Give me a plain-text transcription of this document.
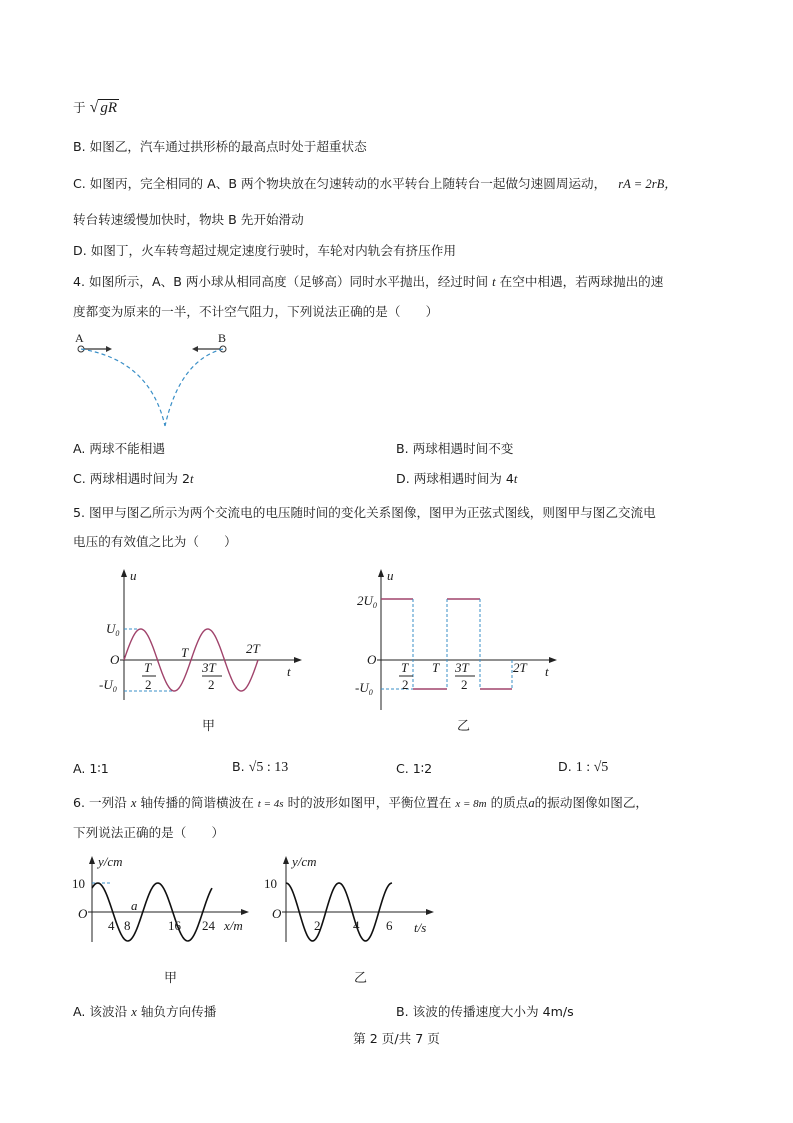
于 √ gR
B. 如图乙，汽车通过拱形桥的最高点时处于超重状态
C. 如图丙，完全相同的 A、B 两个物块放在匀速转动的水平转台上随转台一起做匀速圆周运动， rA = 2rB，
转台转速缓慢加快时，物块 B 先开始滑动
D. 如图丁，火车转弯超过规定速度行驶时，车轮对内轨会有挤压作用
4. 如图所示，A、B 两小球从相同高度（足够高）同时水平抛出，经过时间 t 在空中相遇，若两球抛出的速
度都变为原来的一半，不计空气阻力，下列说法正确的是（　　）
A	B
A. 两球不能相遇	B. 两球相遇时间不变
C. 两球相遇时间为 2t	D. 两球相遇时间为 4t
5. 图甲与图乙所示为两个交流电的电压随时间的变化关系图像，图甲为正弦式图线，则图甲与图乙交流电
电压的有效值之比为（　　）
u
t
O
$U_0$
$-U_0$
T
2
T
3T
2
2T
甲
u
t
O
$2U_0$
$-U_0$
T
2
T 3T
2
2T
乙
A. 1∶1	B. √5 : 13	C. 1∶2	D. 1 : √5
6. 一列沿 x 轴传播的简谐横波在 t = 4s 时的波形如图甲，平衡位置在 x = 8m 的质点a的振动图像如图乙，
下列说法正确的是（　　）
y/cm
10
O
4 8	16 24
a
x/m
甲
y/cm
10
O
2	4 6 t/s
乙
A. 该波沿 x 轴负方向传播	B. 该波的传播速度大小为 4m/s
第 2 页/共 7 页
